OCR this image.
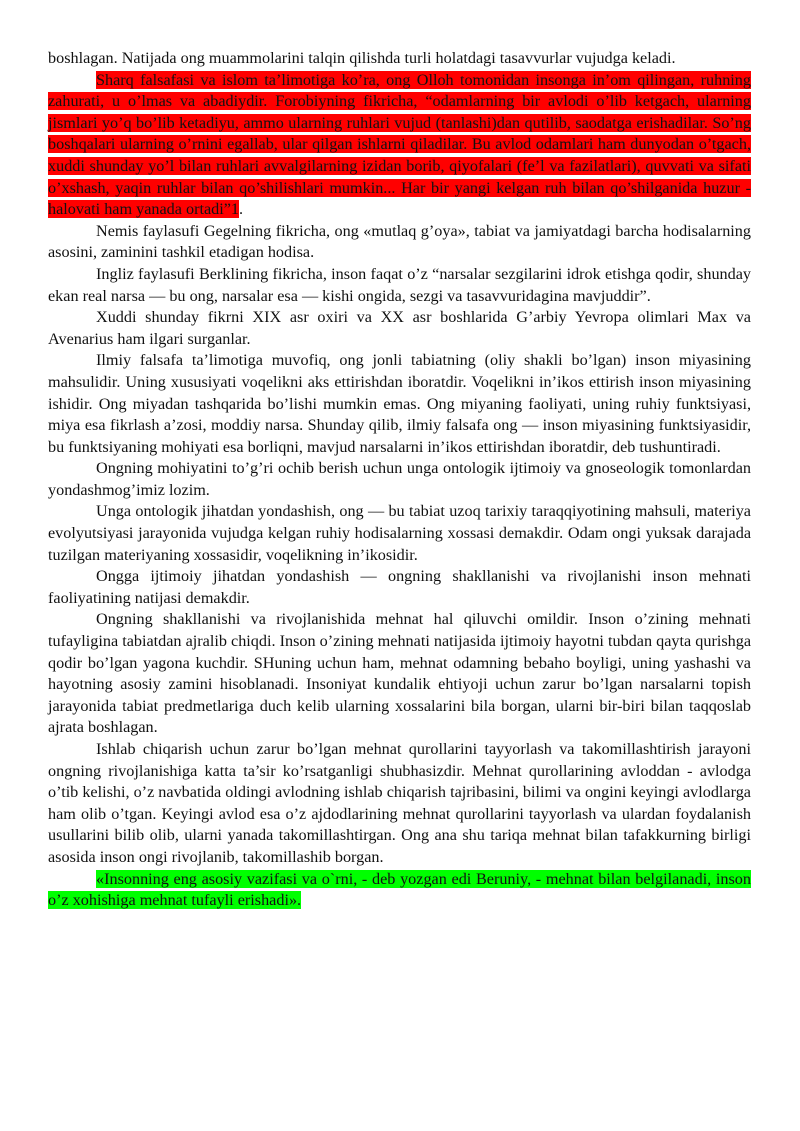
boshlagan. Natijada ong muammolarini talqin qilishda turli holatdagi tasavvurlar vujudga keladi.

Sharq falsafasi va islom ta’limotiga ko’ra, ong Olloh tomonidan insonga in’om qilingan, ruhning zahurati, u o’lmas va abadiydir. Forobiyning fikricha, “odamlarning bir avlodi o’lib ketgach, ularning jismlari yo’q bo’lib ketadiyu, ammo ularning ruhlari vujud (tanlashi)dan qutilib, saodatga erishadilar. So’ng boshqalari ularning o’rnini egallab, ular qilgan ishlarni qiladilar. Bu avlod odamlari ham dunyodan o’tgach, xuddi shunday yo’l bilan ruhlari avvalgilarning izidan borib, qiyofalari (fe’l va fazilatlari), quvvati va sifati o’xshash, yaqin ruhlar bilan qo’shilishlari mumkin... Har bir yangi kelgan ruh bilan qo’shilganida huzur - halovati ham yanada ortadi”1.

Nemis faylasufi Gegelning fikricha, ong «mutlaq g’oya», tabiat va jamiyatdagi barcha hodisalarning asosini, zaminini tashkil etadigan hodisa.

Ingliz faylasufi Berklining fikricha, inson faqat o’z “narsalar sezgilarini idrok etishga qodir, shunday ekan real narsa — bu ong, narsalar esa — kishi ongida, sezgi va tasavvuridagina mavjuddir”.

Xuddi shunday fikrni XIX asr oxiri va XX asr boshlarida G’arbiy Yevropa olimlari Max va Avenarius ham ilgari surganlar.

Ilmiy falsafa ta’limotiga muvofiq, ong jonli tabiatning (oliy shakli bo’lgan) inson miyasining mahsulidir. Uning xususiyati voqelikni aks ettirishdan iboratdir. Voqelikni in’ikos ettirish inson miyasining ishidir. Ong miyadan tashqarida bo’lishi mumkin emas. Ong miyaning faoliyati, uning ruhiy funktsiyasi, miya esa fikrlash a’zosi, moddiy narsa. Shunday qilib, ilmiy falsafa ong — inson miyasining funktsiyasidir, bu funktsiyaning mohiyati esa borliqni, mavjud narsalarni in’ikos ettirishdan iboratdir, deb tushuntiradi.

Ongning mohiyatini to’g’ri ochib berish uchun unga ontologik ijtimoiy va gnoseologik tomonlardan yondashmog’imiz lozim.

Unga ontologik jihatdan yondashish, ong — bu tabiat uzoq tarixiy taraqqiyotining mahsuli, materiya evolyutsiyasi jarayonida vujudga kelgan ruhiy hodisalarning xossasi demakdir. Odam ongi yuksak darajada tuzilgan materiyaning xossasidir, voqelikning in’ikosidir.

Ongga ijtimoiy jihatdan yondashish — ongning shakllanishi va rivojlanishi inson mehnati faoliyatining natijasi demakdir.

Ongning shakllanishi va rivojlanishida mehnat hal qiluvchi omildir. Inson o’zining mehnati tufayligina tabiatdan ajralib chiqdi. Inson o’zining mehnati natijasida ijtimoiy hayotni tubdan qayta qurishga qodir bo’lgan yagona kuchdir. SHuning uchun ham, mehnat odamning bebaho boyligi, uning yashashi va hayotning asosiy zamini hisoblanadi. Insoniyat kundalik ehtiyoji uchun zarur bo’lgan narsalarni topish jarayonida tabiat predmetlariga duch kelib ularning xossalarini bila borgan, ularni bir-biri bilan taqqoslab ajrata boshlagan.

Ishlab chiqarish uchun zarur bo’lgan mehnat qurollarini tayyorlash va takomillashtirish jarayoni ongning rivojlanishiga katta ta’sir ko’rsatganligi shubhasizdir. Mehnat qurollarining avloddan - avlodga o’tib kelishi, o’z navbatida oldingi avlodning ishlab chiqarish tajribasini, bilimi va ongini keyingi avlodlarga ham olib o’tgan. Keyingi avlod esa o’z ajdodlarining mehnat qurollarini tayyorlash va ulardan foydalanish usullarini bilib olib, ularni yanada takomillashtirgan. Ong ana shu tariqa mehnat bilan tafakkurning birligi asosida inson ongi rivojlanib, takomillashib borgan.

«Insonning eng asosiy vazifasi va o`rni, - deb yozgan edi Beruniy, - mehnat bilan belgilanadi, inson o’z xohishiga mehnat tufayli erishadi».
